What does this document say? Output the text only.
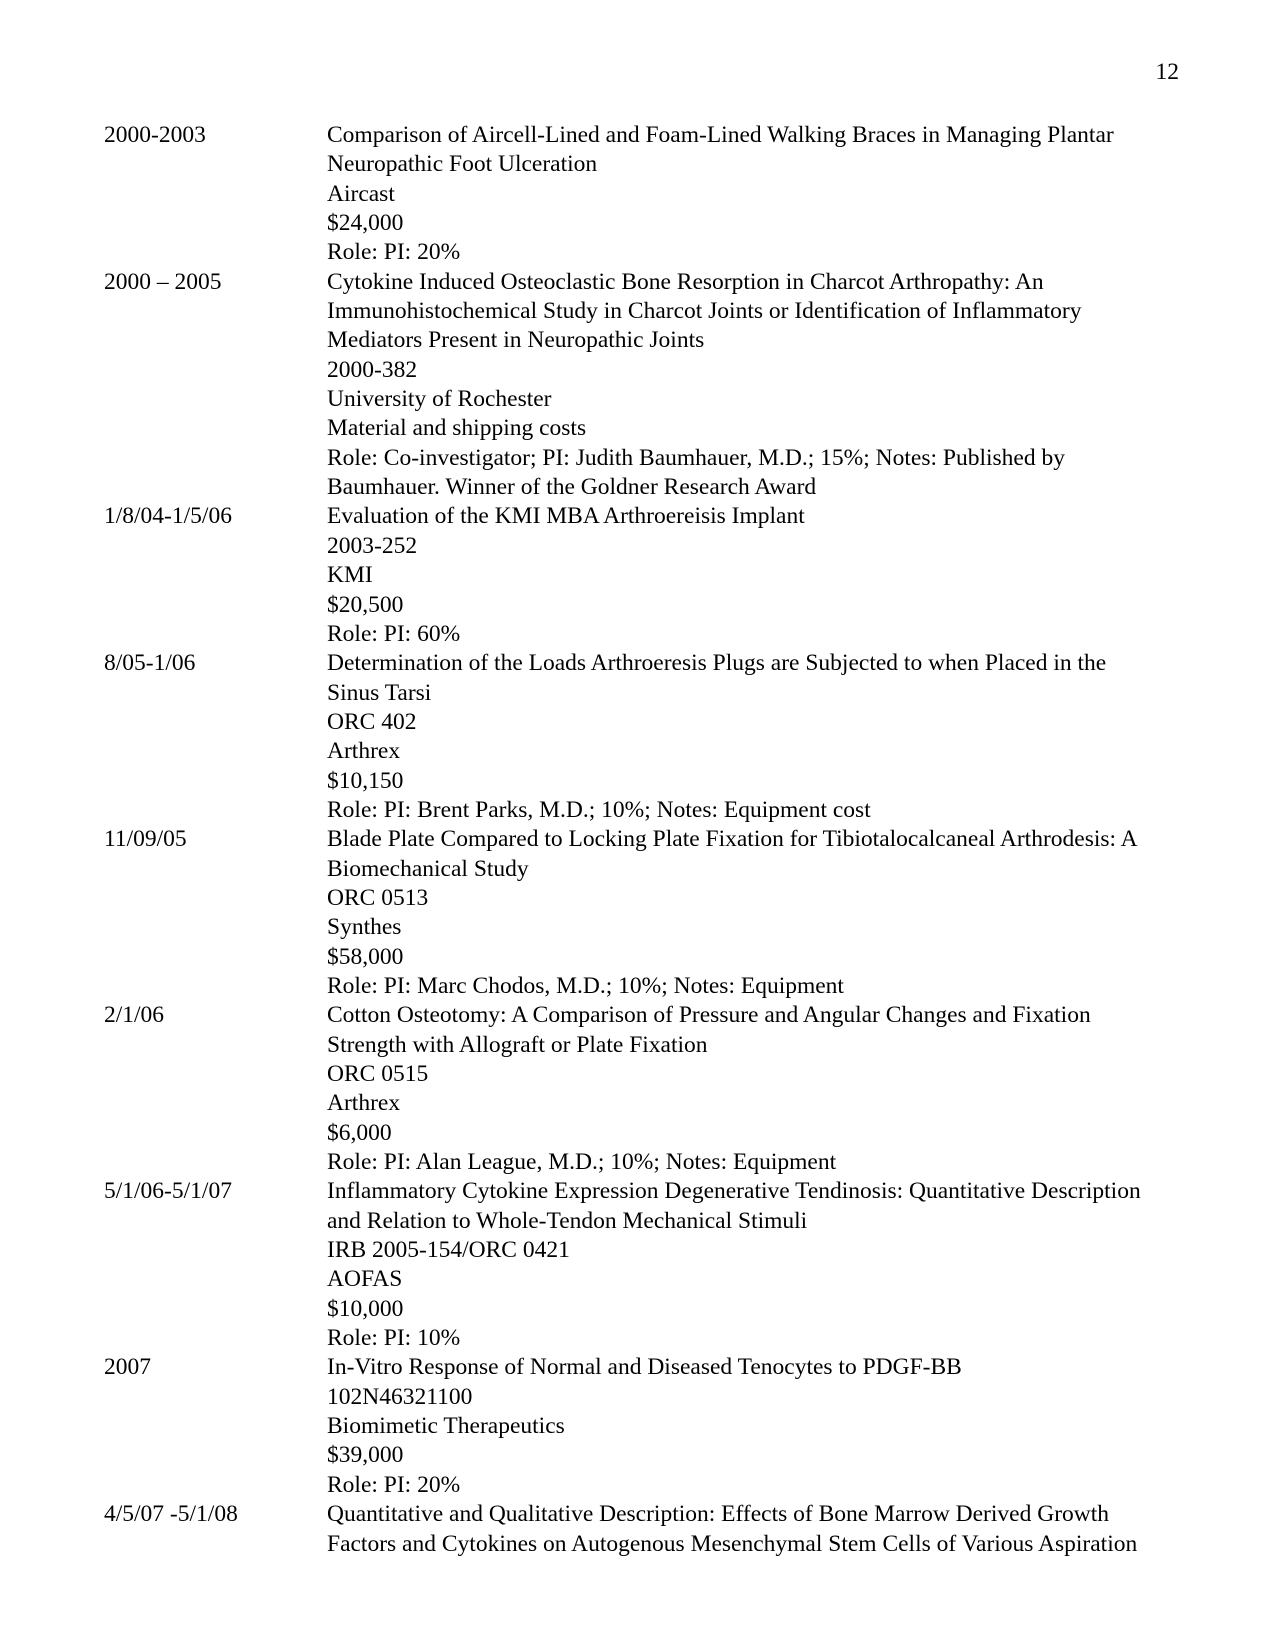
12
2000-2003	Comparison of Aircell-Lined and Foam-Lined Walking Braces in Managing Plantar
Neuropathic Foot Ulceration
Aircast
$24,000
Role: PI: 20%
2000 – 2005	Cytokine Induced Osteoclastic Bone Resorption in Charcot Arthropathy: An
Immunohistochemical Study in Charcot Joints or Identification of Inflammatory
Mediators Present in Neuropathic Joints
2000-382
University of Rochester
Material and shipping costs
Role: Co-investigator; PI: Judith Baumhauer, M.D.; 15%; Notes: Published by
Baumhauer. Winner of the Goldner Research Award
1/8/04-1/5/06	Evaluation of the KMI MBA Arthroereisis Implant
2003-252
KMI
$20,500
Role: PI: 60%
8/05-1/06	Determination of the Loads Arthroeresis Plugs are Subjected to when Placed in the
Sinus Tarsi
ORC 402
Arthrex
$10,150
Role: PI: Brent Parks, M.D.; 10%; Notes: Equipment cost
11/09/05	Blade Plate Compared to Locking Plate Fixation for Tibiotalocalcaneal Arthrodesis: A
Biomechanical Study
ORC 0513
Synthes
$58,000
Role: PI: Marc Chodos, M.D.; 10%; Notes: Equipment
2/1/06	Cotton Osteotomy: A Comparison of Pressure and Angular Changes and Fixation
Strength with Allograft or Plate Fixation
ORC 0515
Arthrex
$6,000
Role: PI: Alan League, M.D.; 10%; Notes: Equipment
5/1/06-5/1/07	Inflammatory Cytokine Expression Degenerative Tendinosis: Quantitative Description
and Relation to Whole-Tendon Mechanical Stimuli
IRB 2005-154/ORC 0421
AOFAS
$10,000
Role: PI: 10%
2007	In-Vitro Response of Normal and Diseased Tenocytes to PDGF-BB
102N46321100
Biomimetic Therapeutics
$39,000
Role: PI: 20%
4/5/07 -5/1/08	Quantitative and Qualitative Description: Effects of Bone Marrow Derived Growth
Factors and Cytokines on Autogenous Mesenchymal Stem Cells of Various Aspiration
